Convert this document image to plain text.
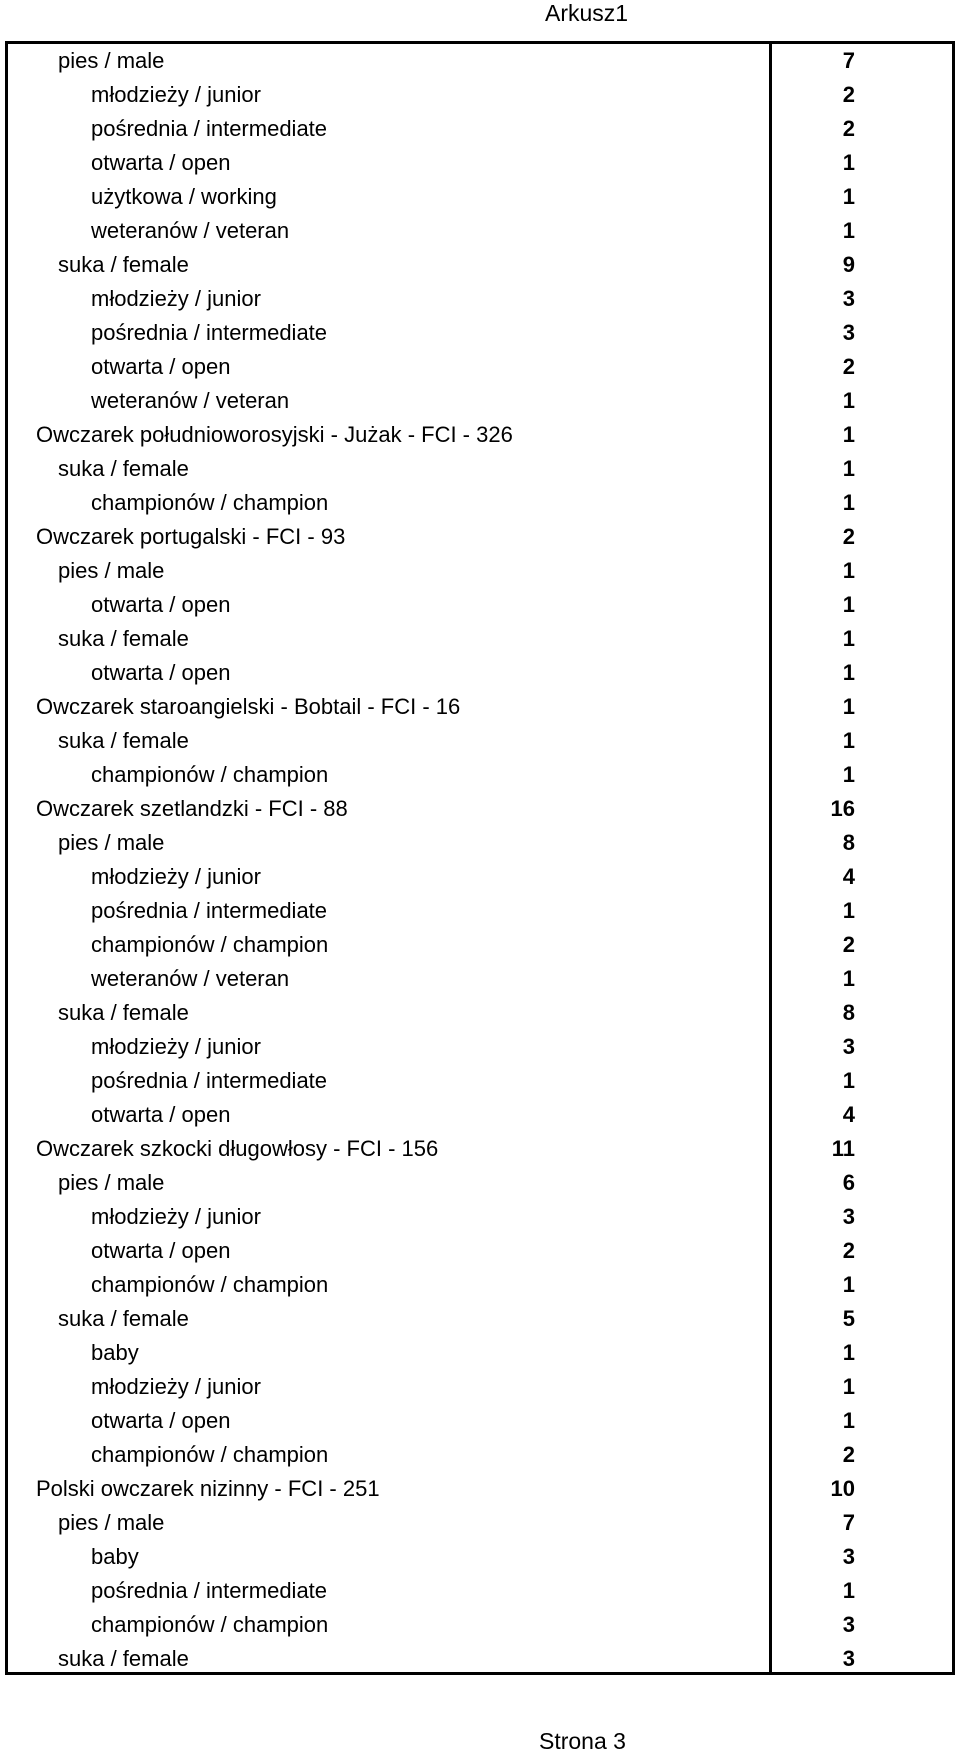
Arkusz1
pies / male	7
młodzieży / junior	2
pośrednia / intermediate	2
otwarta / open	1
użytkowa / working	1
weteranów / veteran	1
suka / female	9
młodzieży / junior	3
pośrednia / intermediate	3
otwarta / open	2
weteranów / veteran	1
Owczarek południoworosyjski - Jużak - FCI - 326	1
suka / female	1
championów / champion	1
Owczarek portugalski - FCI - 93	2
pies / male	1
otwarta / open	1
suka / female	1
otwarta / open	1
Owczarek staroangielski - Bobtail - FCI - 16	1
suka / female	1
championów / champion	1
Owczarek szetlandzki - FCI - 88	16
pies / male	8
młodzieży / junior	4
pośrednia / intermediate	1
championów / champion	2
weteranów / veteran	1
suka / female	8
młodzieży / junior	3
pośrednia / intermediate	1
otwarta / open	4
Owczarek szkocki długowłosy - FCI - 156	11
pies / male	6
młodzieży / junior	3
otwarta / open	2
championów / champion	1
suka / female	5
baby	1
młodzieży / junior	1
otwarta / open	1
championów / champion	2
Polski owczarek nizinny - FCI - 251	10
pies / male	7
baby	3
pośrednia / intermediate	1
championów / champion	3
suka / female	3
Strona 3
